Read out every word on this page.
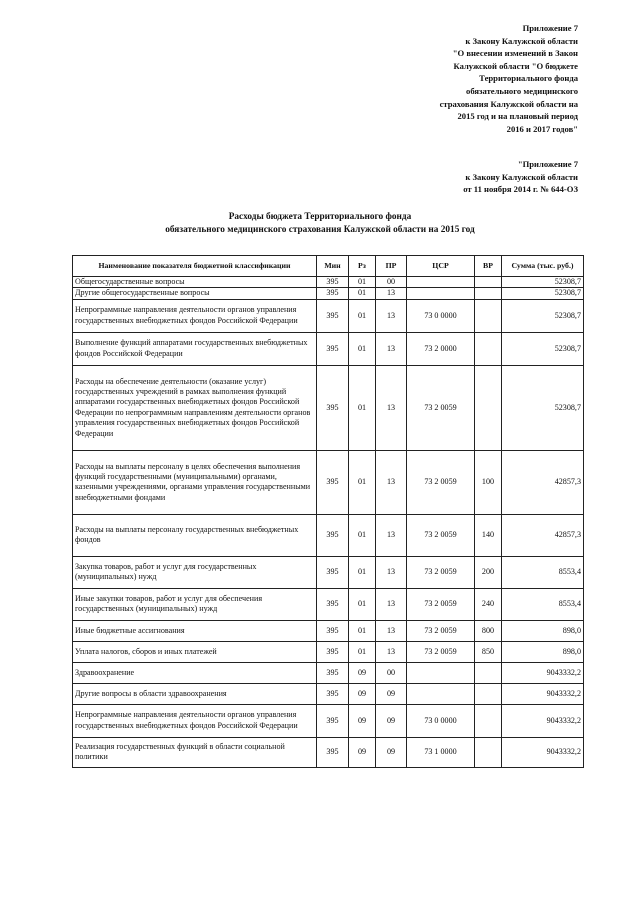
Приложение 7
к Закону Калужской области
"О внесении изменений в Закон
Калужской области "О бюджете
Территориального фонда
обязательного медицинского
страхования Калужской области на
2015 год и на плановый период
2016 и 2017 годов"
"Приложение 7
к Закону Калужской области
от 11 ноября 2014 г. № 644-ОЗ
Расходы бюджета Территориального фонда
обязательного медицинского страхования Калужской области на 2015 год
Наименование показателя бюджетной классификации	Мин	Рз	ПР	ЦСР	ВР	Сумма (тыс. руб.)
Общегосударственные вопросы	395	01	00			52308,7
Другие общегосударственные вопросы	395	01	13			52308,7
Непрограммные направления деятельности органов управления государственных внебюджетных фондов Российской Федерации	395	01	13	73 0 0000		52308,7
Выполнение функций аппаратами государственных внебюджетных фондов Российской Федерации	395	01	13	73 2 0000		52308,7
Расходы на обеспечение деятельности (оказание услуг) государственных учреждений в рамках выполнения функций аппаратами государственных внебюджетных фондов Российской Федерации по непрограммным направлениям деятельности органов управления государственных внебюджетных фондов Российской Федерации	395	01	13	73 2 0059		52308,7
Расходы на выплаты персоналу в целях обеспечения выполнения функций государственными (муниципальными) органами, казенными учреждениями, органами управления государственными внебюджетными фондами	395	01	13	73 2 0059	100	42857,3
Расходы на выплаты персоналу государственных внебюджетных фондов	395	01	13	73 2 0059	140	42857,3
Закупка товаров, работ и услуг для государственных (муниципальных) нужд	395	01	13	73 2 0059	200	8553,4
Иные закупки товаров, работ и услуг для обеспечения государственных (муниципальных) нужд	395	01	13	73 2 0059	240	8553,4
Иные бюджетные ассигнования	395	01	13	73 2 0059	800	898,0
Уплата налогов, сборов и иных платежей	395	01	13	73 2 0059	850	898,0
Здравоохранение	395	09	00			9043332,2
Другие вопросы в области здравоохранения	395	09	09			9043332,2
Непрограммные направления деятельности органов управления государственных внебюджетных фондов Российской Федерации	395	09	09	73 0 0000		9043332,2
Реализация государственных функций в области социальной политики	395	09	09	73 1 0000		9043332,2
